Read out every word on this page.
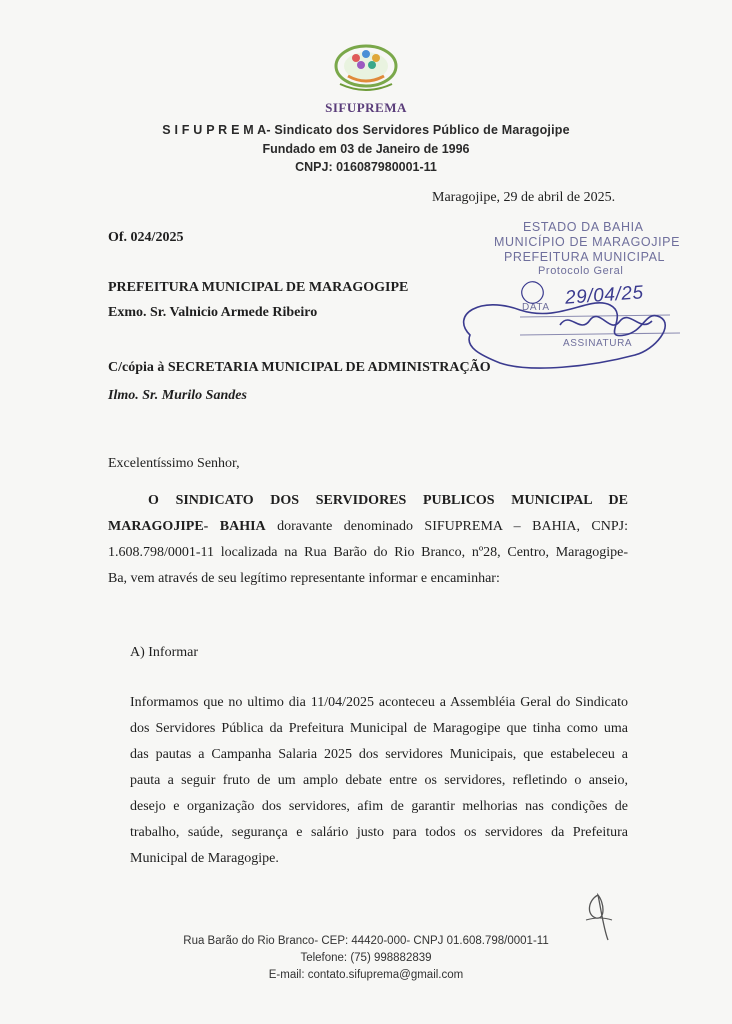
SIFUPREMA
S I F U P R E M A- Sindicato dos Servidores Público de Maragojipe
Fundado em 03 de Janeiro de 1996
CNPJ: 016087980001-11
Maragojipe, 29 de abril de 2025.
Of. 024/2025
ESTADO DA BAHIA
MUNICÍPIO DE MARAGOJIPE
PREFEITURA MUNICIPAL
Protocolo Geral
DATA
ASSINATURA
29/04/25
PREFEITURA MUNICIPAL DE MARAGOGIPE
Exmo. Sr. Valnicio Armede Ribeiro
C/cópia à SECRETARIA MUNICIPAL DE ADMINISTRAÇÃO
Ilmo. Sr. Murilo Sandes
Excelentíssimo Senhor,
O SINDICATO DOS SERVIDORES PUBLICOS MUNICIPAL DE
MARAGOJIPE- BAHIA doravante denominado SIFUPREMA – BAHIA, CNPJ:
1.608.798/0001-11 localizada na Rua Barão do Rio Branco, nº28, Centro, Maragogipe-
Ba, vem através de seu legítimo representante informar e encaminhar:
A) Informar
Informamos que no ultimo dia 11/04/2025 aconteceu a Assembléia Geral do Sindicato
dos Servidores Pública da Prefeitura Municipal de Maragogipe que tinha como uma
das pautas a Campanha Salaria 2025 dos servidores Municipais, que estabeleceu a
pauta a seguir fruto de um amplo debate entre os servidores, refletindo o anseio,
desejo e organização dos servidores, afim de garantir melhorias nas condições de
trabalho, saúde, segurança e salário justo para todos os servidores da Prefeitura
Municipal de Maragogipe.
Rua Barão do Rio Branco- CEP: 44420-000- CNPJ 01.608.798/0001-11
Telefone: (75) 998882839
E-mail: contato.sifuprema@gmail.com
